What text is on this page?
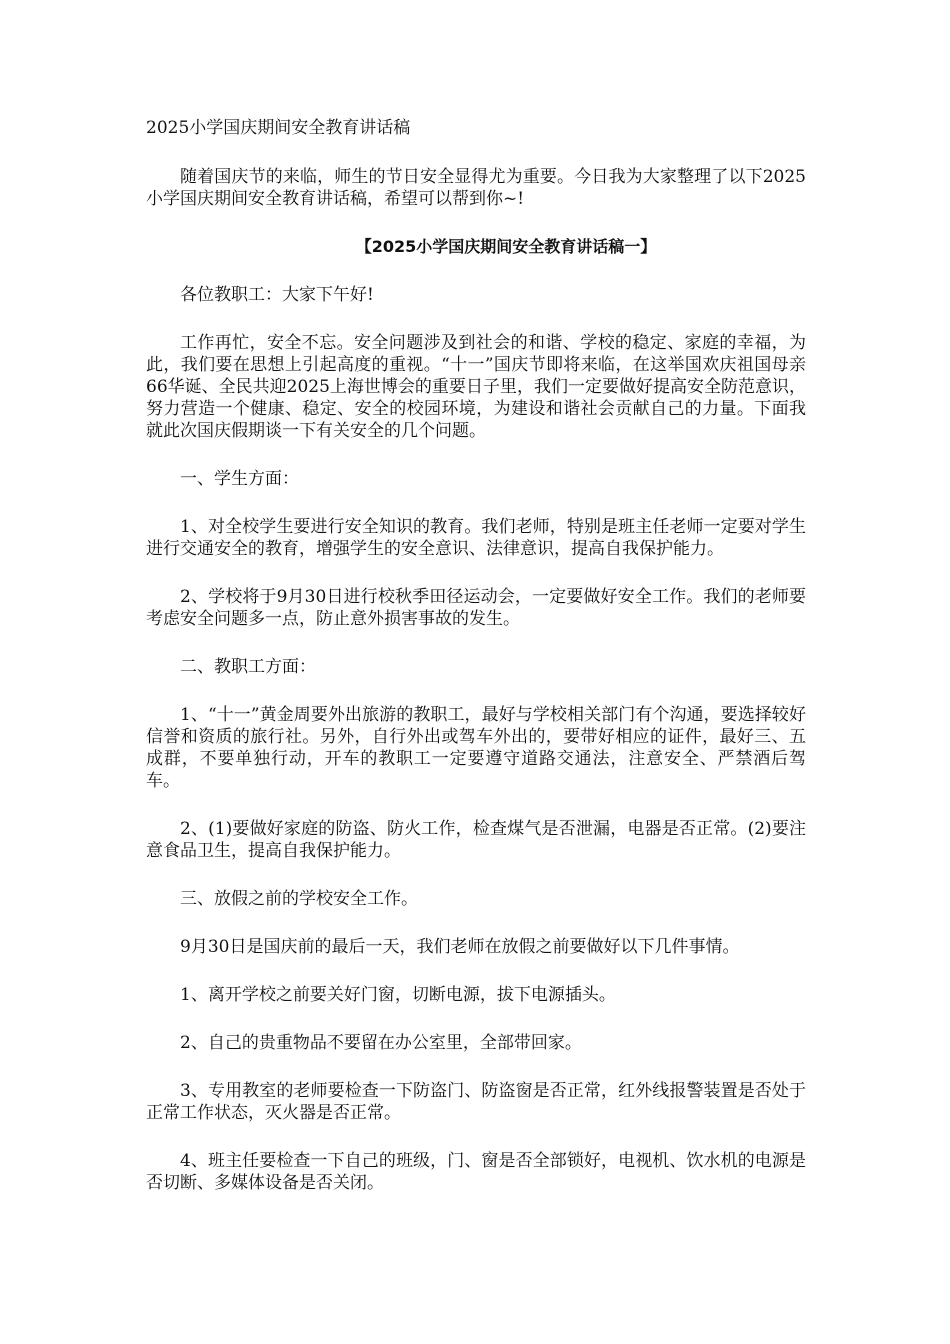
2025小学国庆期间安全教育讲话稿

随着国庆节的来临，师生的节日安全显得尤为重要。今日我为大家整理了以下2025小学国庆期间安全教育讲话稿，希望可以帮到你~!

【2025小学国庆期间安全教育讲话稿一】

各位教职工：大家下午好!

工作再忙，安全不忘。安全问题涉及到社会的和谐、学校的稳定、家庭的幸福，为此，我们要在思想上引起高度的重视。“十一”国庆节即将来临，在这举国欢庆祖国母亲66华诞、全民共迎2025上海世博会的重要日子里，我们一定要做好提高安全防范意识，努力营造一个健康、稳定、安全的校园环境，为建设和谐社会贡献自己的力量。下面我就此次国庆假期谈一下有关安全的几个问题。

一、学生方面：

1、对全校学生要进行安全知识的教育。我们老师，特别是班主任老师一定要对学生进行交通安全的教育，增强学生的安全意识、法律意识，提高自我保护能力。

2、学校将于9月30日进行校秋季田径运动会，一定要做好安全工作。我们的老师要考虑安全问题多一点，防止意外损害事故的发生。

二、教职工方面：

1、“十一”黄金周要外出旅游的教职工，最好与学校相关部门有个沟通，要选择较好信誉和资质的旅行社。另外，自行外出或驾车外出的，要带好相应的证件，最好三、五成群，不要单独行动，开车的教职工一定要遵守道路交通法，注意安全、严禁酒后驾车。

2、(1)要做好家庭的防盗、防火工作，检查煤气是否泄漏，电器是否正常。(2)要注意食品卫生，提高自我保护能力。

三、放假之前的学校安全工作。

9月30日是国庆前的最后一天，我们老师在放假之前要做好以下几件事情。

1、离开学校之前要关好门窗，切断电源，拔下电源插头。

2、自己的贵重物品不要留在办公室里，全部带回家。

3、专用教室的老师要检查一下防盗门、防盗窗是否正常，红外线报警装置是否处于正常工作状态，灭火器是否正常。

4、班主任要检查一下自己的班级，门、窗是否全部锁好，电视机、饮水机的电源是否切断、多媒体设备是否关闭。
